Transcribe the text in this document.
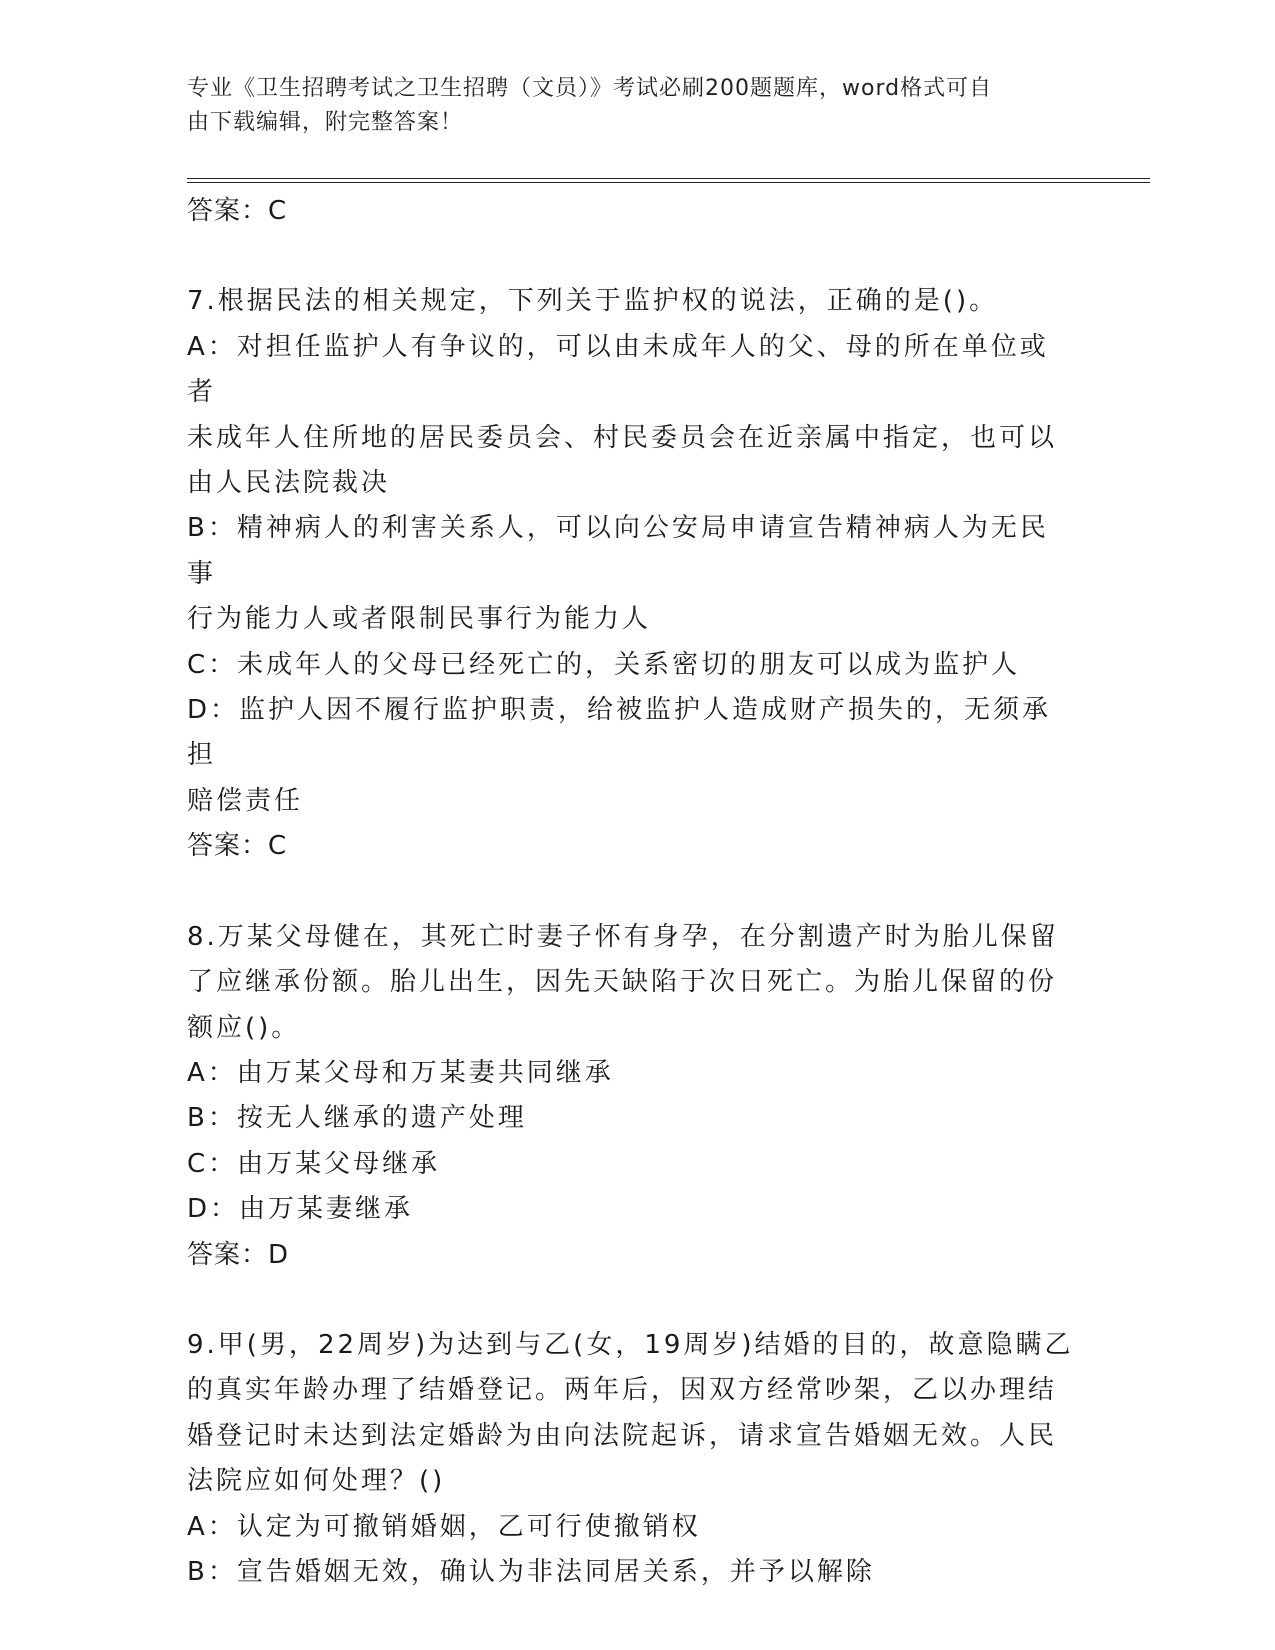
专业《卫生招聘考试之卫生招聘（文员）》考试必刷200题题库，word格式可自
由下载编辑，附完整答案！

答案：C

7.根据民法的相关规定，下列关于监护权的说法，正确的是()。

A：对担任监护人有争议的，可以由未成年人的父、母的所在单位或者

未成年人住所地的居民委员会、村民委员会在近亲属中指定，也可以

由人民法院裁决

B：精神病人的利害关系人，可以向公安局申请宣告精神病人为无民事

行为能力人或者限制民事行为能力人

C：未成年人的父母已经死亡的，关系密切的朋友可以成为监护人

D：监护人因不履行监护职责，给被监护人造成财产损失的，无须承担

赔偿责任

答案：C

8.万某父母健在，其死亡时妻子怀有身孕，在分割遗产时为胎儿保留

了应继承份额。胎儿出生，因先天缺陷于次日死亡。为胎儿保留的份

额应()。

A：由万某父母和万某妻共同继承

B：按无人继承的遗产处理

C：由万某父母继承

D：由万某妻继承

答案：D

9.甲(男，22周岁)为达到与乙(女，19周岁)结婚的目的，故意隐瞒乙

的真实年龄办理了结婚登记。两年后，因双方经常吵架，乙以办理结

婚登记时未达到法定婚龄为由向法院起诉，请求宣告婚姻无效。人民

法院应如何处理？()

A：认定为可撤销婚姻，乙可行使撤销权

B：宣告婚姻无效，确认为非法同居关系，并予以解除
